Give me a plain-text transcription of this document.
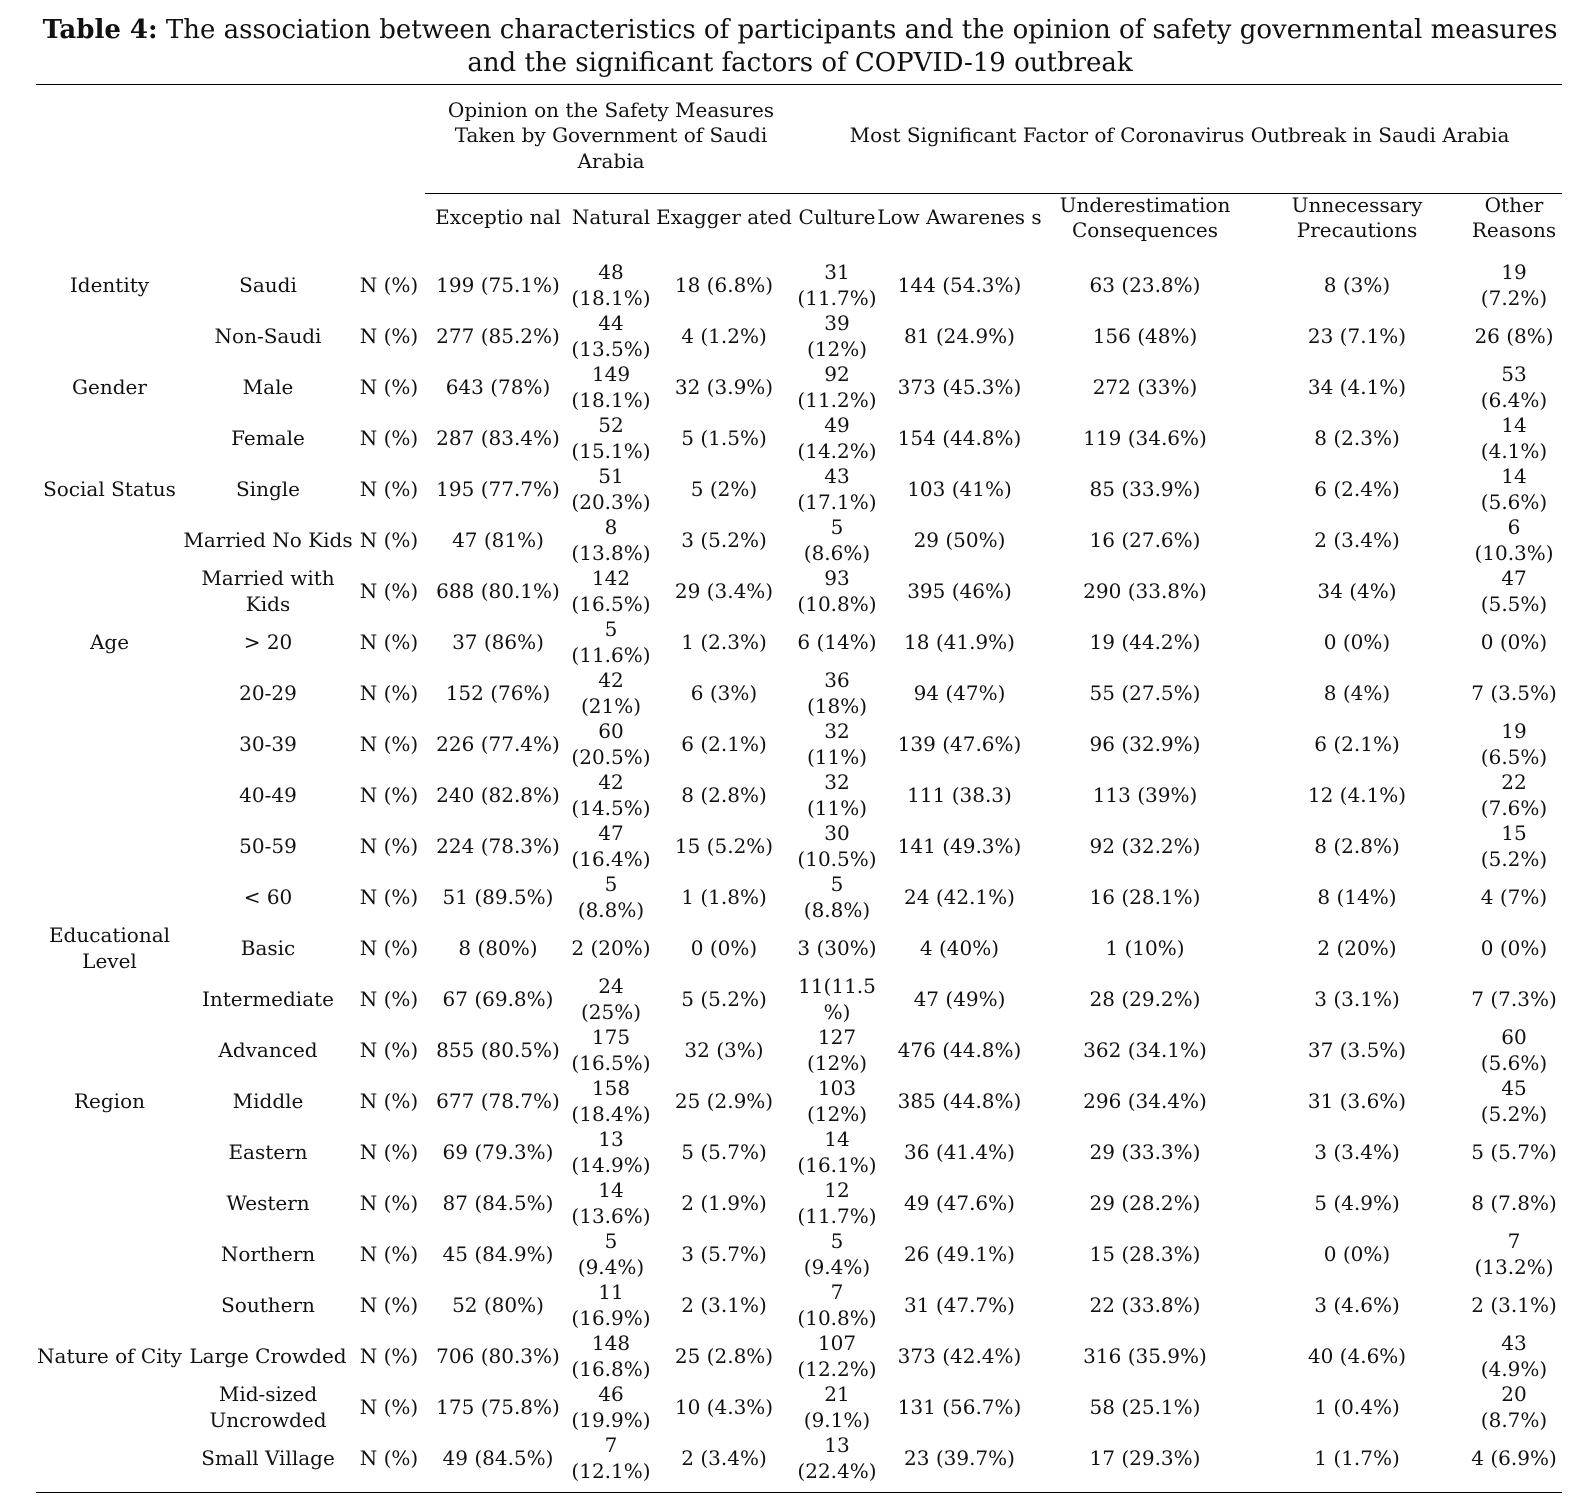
Table 4: The association between characteristics of participants and the opinion of safety governmental measures and the significant factors of COPVID-19 outbreak
			Opinion on the Safety Measures Taken by Government of Saudi Arabia			Most Significant Factor of Coronavirus Outbreak in Saudi Arabia				
			Exceptio nal	Natural	Exagger ated	Culture	Low Awarenes s	Underestimation Consequences	Unnecessary Precautions	Other Reasons
Identity	Saudi	N (%)	199 (75.1%)	48 (18.1%)	18 (6.8%)	31 (11.7%)	144 (54.3%)	63 (23.8%)	8 (3%)	19 (7.2%)
	Non-Saudi	N (%)	277 (85.2%)	44 (13.5%)	4 (1.2%)	39 (12%)	81 (24.9%)	156 (48%)	23 (7.1%)	26 (8%)
Gender	Male	N (%)	643 (78%)	149 (18.1%)	32 (3.9%)	92 (11.2%)	373 (45.3%)	272 (33%)	34 (4.1%)	53 (6.4%)
	Female	N (%)	287 (83.4%)	52 (15.1%)	5 (1.5%)	49 (14.2%)	154 (44.8%)	119 (34.6%)	8 (2.3%)	14 (4.1%)
Social Status	Single	N (%)	195 (77.7%)	51 (20.3%)	5 (2%)	43 (17.1%)	103 (41%)	85 (33.9%)	6 (2.4%)	14 (5.6%)
	Married No Kids	N (%)	47 (81%)	8 (13.8%)	3 (5.2%)	5 (8.6%)	29 (50%)	16 (27.6%)	2 (3.4%)	6 (10.3%)
	Married with Kids	N (%)	688 (80.1%)	142 (16.5%)	29 (3.4%)	93 (10.8%)	395 (46%)	290 (33.8%)	34 (4%)	47 (5.5%)
Age	> 20	N (%)	37 (86%)	5 (11.6%)	1 (2.3%)	6 (14%)	18 (41.9%)	19 (44.2%)	0 (0%)	0 (0%)
	20-29	N (%)	152 (76%)	42 (21%)	6 (3%)	36 (18%)	94 (47%)	55 (27.5%)	8 (4%)	7 (3.5%)
	30-39	N (%)	226 (77.4%)	60 (20.5%)	6 (2.1%)	32 (11%)	139 (47.6%)	96 (32.9%)	6 (2.1%)	19 (6.5%)
	40-49	N (%)	240 (82.8%)	42 (14.5%)	8 (2.8%)	32 (11%)	111 (38.3)	113 (39%)	12 (4.1%)	22 (7.6%)
	50-59	N (%)	224 (78.3%)	47 (16.4%)	15 (5.2%)	30 (10.5%)	141 (49.3%)	92 (32.2%)	8 (2.8%)	15 (5.2%)
	< 60	N (%)	51 (89.5%)	5 (8.8%)	1 (1.8%)	5 (8.8%)	24 (42.1%)	16 (28.1%)	8 (14%)	4 (7%)
Educational Level	Basic	N (%)	8 (80%)	2 (20%)	0 (0%)	3 (30%)	4 (40%)	1 (10%)	2 (20%)	0 (0%)
	Intermediate	N (%)	67 (69.8%)	24 (25%)	5 (5.2%)	11(11.5 %)	47 (49%)	28 (29.2%)	3 (3.1%)	7 (7.3%)
	Advanced	N (%)	855 (80.5%)	175 (16.5%)	32 (3%)	127 (12%)	476 (44.8%)	362 (34.1%)	37 (3.5%)	60 (5.6%)
Region	Middle	N (%)	677 (78.7%)	158 (18.4%)	25 (2.9%)	103 (12%)	385 (44.8%)	296 (34.4%)	31 (3.6%)	45 (5.2%)
	Eastern	N (%)	69 (79.3%)	13 (14.9%)	5 (5.7%)	14 (16.1%)	36 (41.4%)	29 (33.3%)	3 (3.4%)	5 (5.7%)
	Western	N (%)	87 (84.5%)	14 (13.6%)	2 (1.9%)	12 (11.7%)	49 (47.6%)	29 (28.2%)	5 (4.9%)	8 (7.8%)
	Northern	N (%)	45 (84.9%)	5 (9.4%)	3 (5.7%)	5 (9.4%)	26 (49.1%)	15 (28.3%)	0 (0%)	7 (13.2%)
	Southern	N (%)	52 (80%)	11 (16.9%)	2 (3.1%)	7 (10.8%)	31 (47.7%)	22 (33.8%)	3 (4.6%)	2 (3.1%)
Nature of City	Large Crowded	N (%)	706 (80.3%)	148 (16.8%)	25 (2.8%)	107 (12.2%)	373 (42.4%)	316 (35.9%)	40 (4.6%)	43 (4.9%)
	Mid-sized Uncrowded	N (%)	175 (75.8%)	46 (19.9%)	10 (4.3%)	21 (9.1%)	131 (56.7%)	58 (25.1%)	1 (0.4%)	20 (8.7%)
	Small Village	N (%)	49 (84.5%)	7 (12.1%)	2 (3.4%)	13 (22.4%)	23 (39.7%)	17 (29.3%)	1 (1.7%)	4 (6.9%)
